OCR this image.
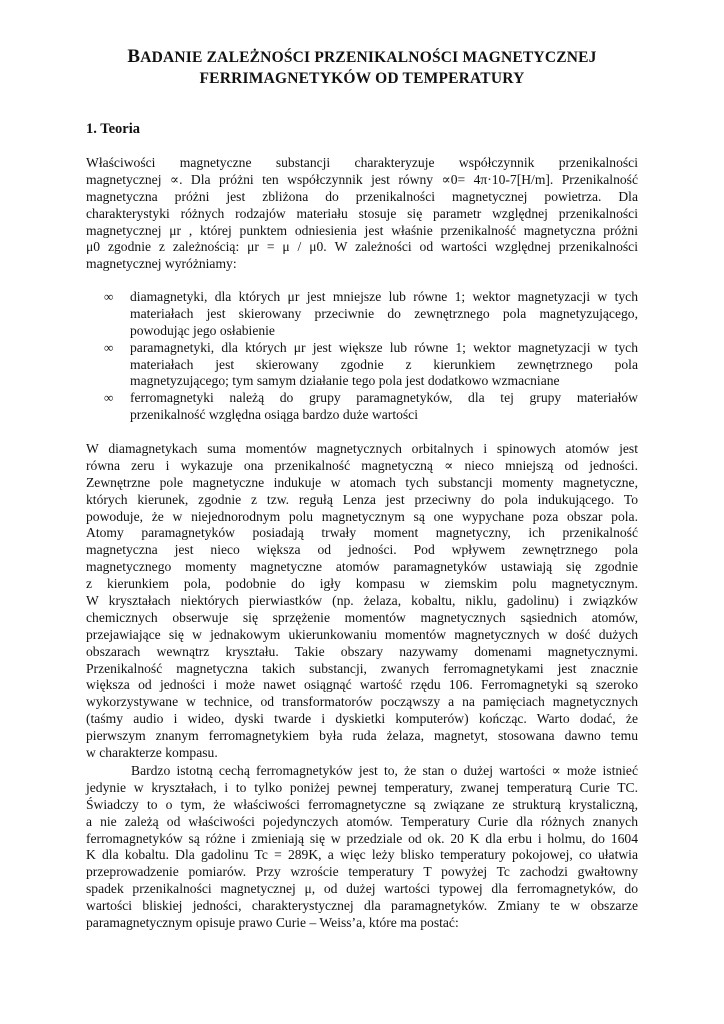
BADANIE ZALEŻNOŚCI PRZENIKALNOŚCI MAGNETYCZNEJ
FERRIMAGNETYKÓW OD TEMPERATURY
1. Teoria
Właściwości magnetyczne substancji charakteryzuje współczynnik przenikalności
magnetycznej ∝. Dla próżni ten współczynnik jest równy ∝0= 4π·10-7[H/m]. Przenikalność
magnetyczna próżni jest zbliżona do przenikalności magnetycznej powietrza. Dla
charakterystyki różnych rodzajów materiału stosuje się parametr względnej przenikalności
magnetycznej μr , której punktem odniesienia jest właśnie przenikalność magnetyczna próżni
μ0 zgodnie z zależnością: μr = μ / μ0. W zależności od wartości względnej przenikalności
magnetycznej wyróżniamy:
∞ diamagnetyki, dla których μr jest mniejsze lub równe 1; wektor magnetyzacji w tych
materiałach jest skierowany przeciwnie do zewnętrznego pola magnetyzującego,
powodując jego osłabienie
∞ paramagnetyki, dla których μr jest większe lub równe 1; wektor magnetyzacji w tych
materiałach jest skierowany zgodnie z kierunkiem zewnętrznego pola
magnetyzującego; tym samym działanie tego pola jest dodatkowo wzmacniane
∞ ferromagnetyki należą do grupy paramagnetyków, dla tej grupy materiałów
przenikalność względna osiąga bardzo duże wartości
W diamagnetykach suma momentów magnetycznych orbitalnych i spinowych atomów jest
równa zeru i wykazuje ona przenikalność magnetyczną ∝ nieco mniejszą od jedności.
Zewnętrzne pole magnetyczne indukuje w atomach tych substancji momenty magnetyczne,
których kierunek, zgodnie z tzw. regułą Lenza jest przeciwny do pola indukującego. To
powoduje, że w niejednorodnym polu magnetycznym są one wypychane poza obszar pola.
Atomy paramagnetyków posiadają trwały moment magnetyczny, ich przenikalność
magnetyczna jest nieco większa od jedności. Pod wpływem zewnętrznego pola
magnetycznego momenty magnetyczne atomów paramagnetyków ustawiają się zgodnie
z kierunkiem pola, podobnie do igły kompasu w ziemskim polu magnetycznym.
W kryształach niektórych pierwiastków (np. żelaza, kobaltu, niklu, gadolinu) i związków
chemicznych obserwuje się sprzężenie momentów magnetycznych sąsiednich atomów,
przejawiające się w jednakowym ukierunkowaniu momentów magnetycznych w dość dużych
obszarach wewnątrz kryształu. Takie obszary nazywamy domenami magnetycznymi.
Przenikalność magnetyczna takich substancji, zwanych ferromagnetykami jest znacznie
większa od jedności i może nawet osiągnąć wartość rzędu 106. Ferromagnetyki są szeroko
wykorzystywane w technice, od transformatorów począwszy a na pamięciach magnetycznych
(taśmy audio i wideo, dyski twarde i dyskietki komputerów) kończąc. Warto dodać, że
pierwszym znanym ferromagnetykiem była ruda żelaza, magnetyt, stosowana dawno temu
w charakterze kompasu.
Bardzo istotną cechą ferromagnetyków jest to, że stan o dużej wartości ∝ może istnieć
jedynie w kryształach, i to tylko poniżej pewnej temperatury, zwanej temperaturą Curie TC.
Świadczy to o tym, że właściwości ferromagnetyczne są związane ze strukturą krystaliczną,
a nie zależą od właściwości pojedynczych atomów. Temperatury Curie dla różnych znanych
ferromagnetyków są różne i zmieniają się w przedziale od ok. 20 K dla erbu i holmu, do 1604
K dla kobaltu. Dla gadolinu Tc = 289K, a więc leży blisko temperatury pokojowej, co ułatwia
przeprowadzenie pomiarów. Przy wzroście temperatury T powyżej Tc zachodzi gwałtowny
spadek przenikalności magnetycznej μ, od dużej wartości typowej dla ferromagnetyków, do
wartości bliskiej jedności, charakterystycznej dla paramagnetyków. Zmiany te w obszarze
paramagnetycznym opisuje prawo Curie – Weiss’a, które ma postać:
